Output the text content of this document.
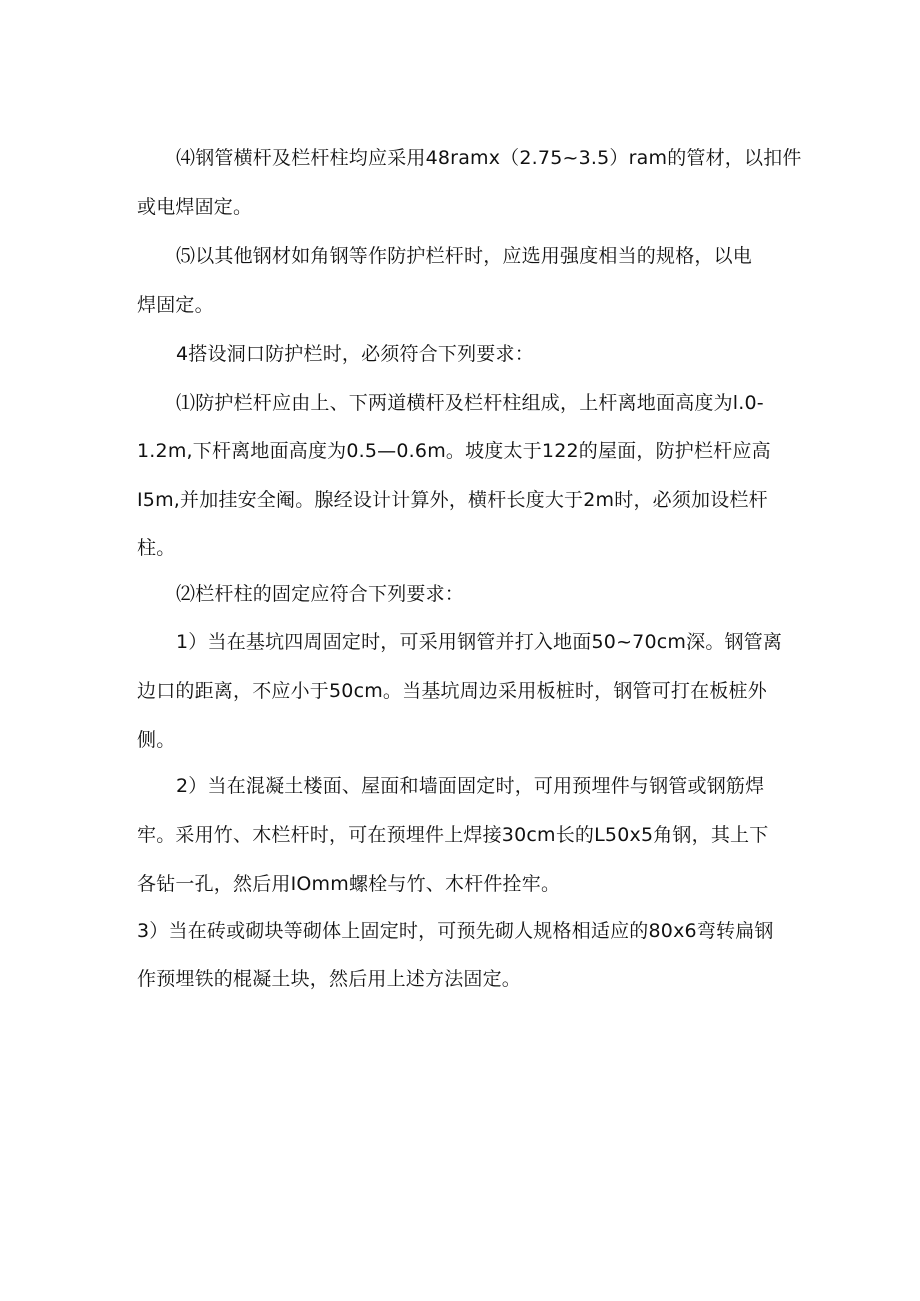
⑷钢管横杆及栏杆柱均应采用48ramx（2.75~3.5）ram的管材，以扣件
或电焊固定。
⑸以其他钢材如角钢等作防护栏杆时，应选用强度相当的规格，以电
焊固定。
4搭设洞口防护栏时，必须符合下列要求：
⑴防护栏杆应由上、下两道横杆及栏杆柱组成，上杆离地面高度为l.0-
1.2m,下杆离地面高度为0.5—0.6m。坡度太于122的屋面，防护栏杆应高
I5m,并加挂安全阉。腺经设计计算外，横杆长度大于2m时，必须加设栏杆
柱。
⑵栏杆柱的固定应符合下列要求：
1）当在基坑四周固定时，可采用钢管并打入地面50~70cm深。钢管离
边口的距离，不应小于50cm。当基坑周边采用板桩时，钢管可打在板桩外
侧。
2）当在混凝土楼面、屋面和墙面固定时，可用预埋件与钢管或钢筋焊
牢。采用竹、木栏杆时，可在预埋件上焊接30cm长的L50x5角钢，其上下
各钻一孔，然后用IOmm螺栓与竹、木杆件拴牢。
3）当在砖或砌块等砌体上固定时，可预先砌人规格相适应的80x6弯转扁钢
作预埋铁的棍凝土块，然后用上述方法固定。
